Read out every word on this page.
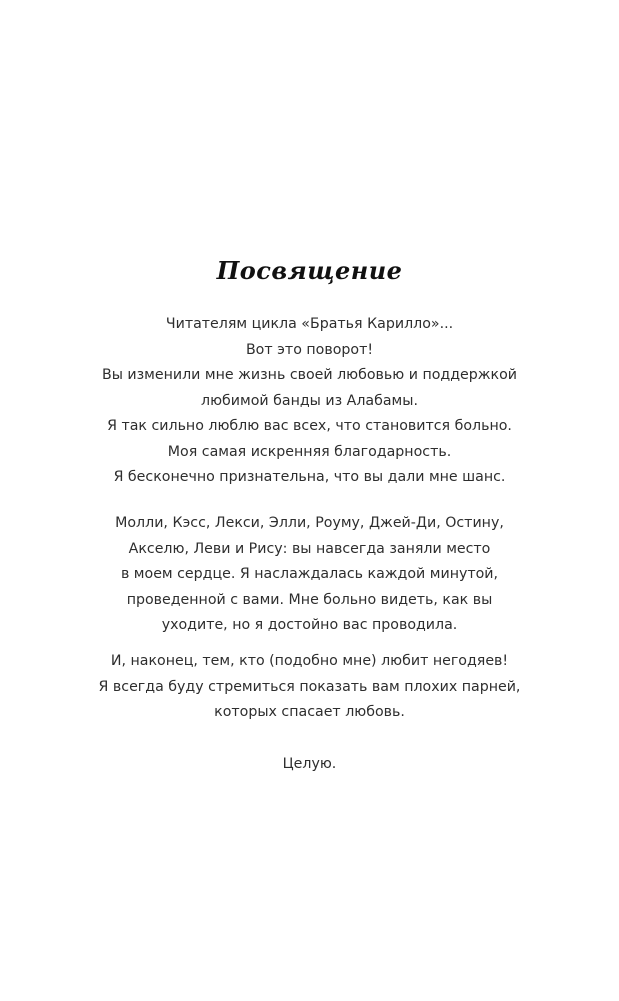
Посвящение
Читателям цикла «Братья Карилло»...
Вот это поворот!
Вы изменили мне жизнь своей любовью и поддержкой
любимой банды из Алабамы.
Я так сильно люблю вас всех, что становится больно.
Моя самая искренняя благодарность.
Я бесконечно признательна, что вы дали мне шанс.
Молли, Кэсс, Лекси, Элли, Роуму, Джей-Ди, Остину,
Акселю, Леви и Рису: вы навсегда заняли место
в моем сердце. Я наслаждалась каждой минутой,
проведенной с вами. Мне больно видеть, как вы
уходите, но я достойно вас проводила.
И, наконец, тем, кто (подобно мне) любит негодяев!
Я всегда буду стремиться показать вам плохих парней,
которых спасает любовь.
Целую.
